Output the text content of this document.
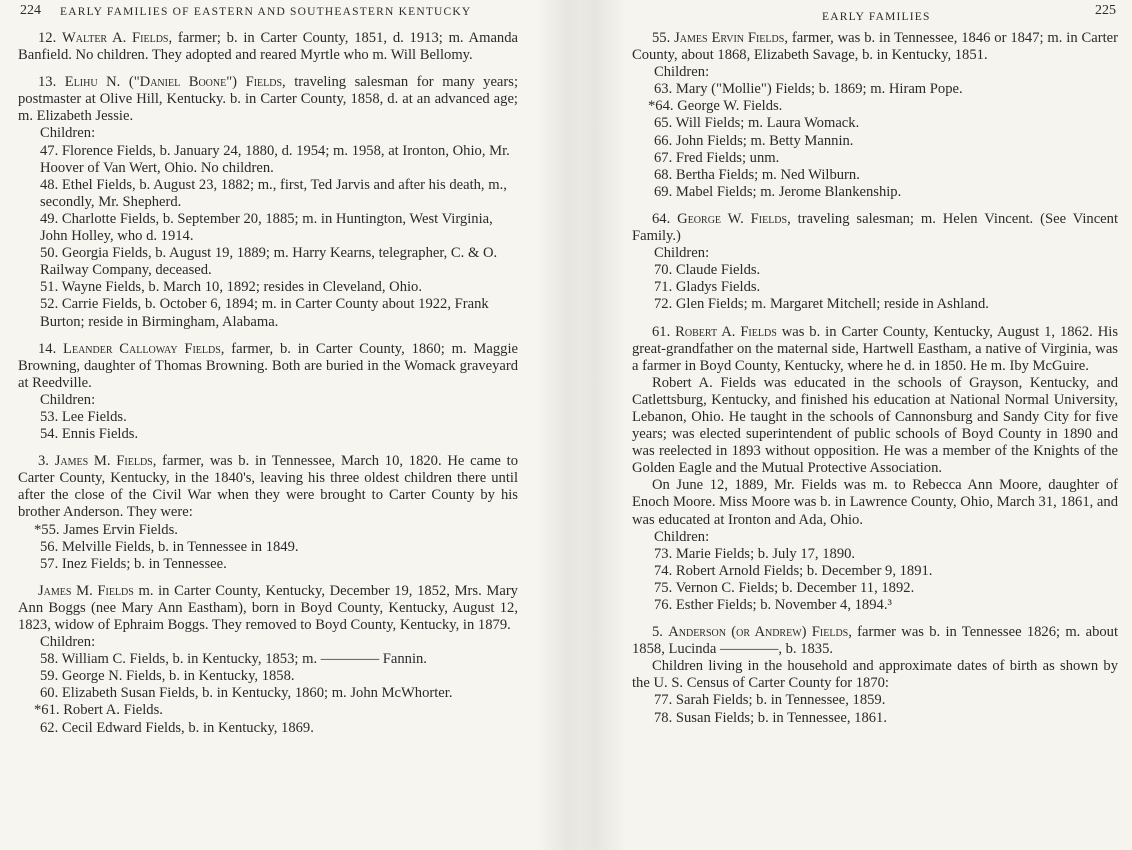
224 EARLY FAMILIES OF EASTERN AND SOUTHEASTERN KENTUCKY

12. Walter A. Fields, farmer; b. in Carter County, 1851, d. 1913; m. Amanda Banfield. No children. They adopted and reared Myrtle who m. Will Bellomy.

13. Elihu N. ("Daniel Boone") Fields, traveling salesman for many years; postmaster at Olive Hill, Kentucky. b. in Carter County, 1858, d. at an advanced age; m. Elizabeth Jessie.

Children:
47. Florence Fields, b. January 24, 1880, d. 1954; m. 1958, at Ironton, Ohio, Mr. Hoover of Van Wert, Ohio. No children.
48. Ethel Fields, b. August 23, 1882; m., first, Ted Jarvis and after his death, m., secondly, Mr. Shepherd.
49. Charlotte Fields, b. September 20, 1885; m. in Huntington, West Virginia, John Holley, who d. 1914.
50. Georgia Fields, b. August 19, 1889; m. Harry Kearns, telegrapher, C. & O. Railway Company, deceased.
51. Wayne Fields, b. March 10, 1892; resides in Cleveland, Ohio.
52. Carrie Fields, b. October 6, 1894; m. in Carter County about 1922, Frank Burton; reside in Birmingham, Alabama.

14. Leander Calloway Fields, farmer, b. in Carter County, 1860; m. Maggie Browning, daughter of Thomas Browning. Both are buried in the Womack graveyard at Reedville.

Children:
53. Lee Fields.
54. Ennis Fields.

3. James M. Fields, farmer, was b. in Tennessee, March 10, 1820. He came to Carter County, Kentucky, in the 1840's, leaving his three oldest children there until after the close of the Civil War when they were brought to Carter County by his brother Anderson. They were:

*55. James Ervin Fields.
56. Melville Fields, b. in Tennessee in 1849.
57. Inez Fields; b. in Tennessee.

James M. Fields m. in Carter County, Kentucky, December 19, 1852, Mrs. Mary Ann Boggs (nee Mary Ann Eastham), born in Boyd County, Kentucky, August 12, 1823, widow of Ephraim Boggs. They removed to Boyd County, Kentucky, in 1879.

Children:
58. William C. Fields, b. in Kentucky, 1853; m. ———— Fannin.
59. George N. Fields, b. in Kentucky, 1858.
60. Elizabeth Susan Fields, b. in Kentucky, 1860; m. John McWhorter.
*61. Robert A. Fields.
62. Cecil Edward Fields, b. in Kentucky, 1869.
EARLY FAMILIES	225

55. James Ervin Fields, farmer, was b. in Tennessee, 1846 or 1847; m. in Carter County, about 1868, Elizabeth Savage, b. in Kentucky, 1851.

Children:
63. Mary ("Mollie") Fields; b. 1869; m. Hiram Pope.
*64. George W. Fields.
65. Will Fields; m. Laura Womack.
66. John Fields; m. Betty Mannin.
67. Fred Fields; unm.
68. Bertha Fields; m. Ned Wilburn.
69. Mabel Fields; m. Jerome Blankenship.

64. George W. Fields, traveling salesman; m. Helen Vincent. (See Vincent Family.)

Children:
70. Claude Fields.
71. Gladys Fields.
72. Glen Fields; m. Margaret Mitchell; reside in Ashland.

61. Robert A. Fields was b. in Carter County, Kentucky, August 1, 1862. His great-grandfather on the maternal side, Hartwell Eastham, a native of Virginia, was a farmer in Boyd County, Kentucky, where he d. in 1850. He m. Iby McGuire.

Robert A. Fields was educated in the schools of Grayson, Kentucky, and Catlettsburg, Kentucky, and finished his education at National Normal University, Lebanon, Ohio. He taught in the schools of Cannonsburg and Sandy City for five years; was elected superintendent of public schools of Boyd County in 1890 and was reelected in 1893 without opposition. He was a member of the Knights of the Golden Eagle and the Mutual Protective Association.

On June 12, 1889, Mr. Fields was m. to Rebecca Ann Moore, daughter of Enoch Moore. Miss Moore was b. in Lawrence County, Ohio, March 31, 1861, and was educated at Ironton and Ada, Ohio.

Children:
73. Marie Fields; b. July 17, 1890.
74. Robert Arnold Fields; b. December 9, 1891.
75. Vernon C. Fields; b. December 11, 1892.
76. Esther Fields; b. November 4, 1894.³

5. Anderson (or Andrew) Fields, farmer was b. in Tennessee 1826; m. about 1858, Lucinda ————, b. 1835.

Children living in the household and approximate dates of birth as shown by the U. S. Census of Carter County for 1870:

77. Sarah Fields; b. in Tennessee, 1859.
78. Susan Fields; b. in Tennessee, 1861.
